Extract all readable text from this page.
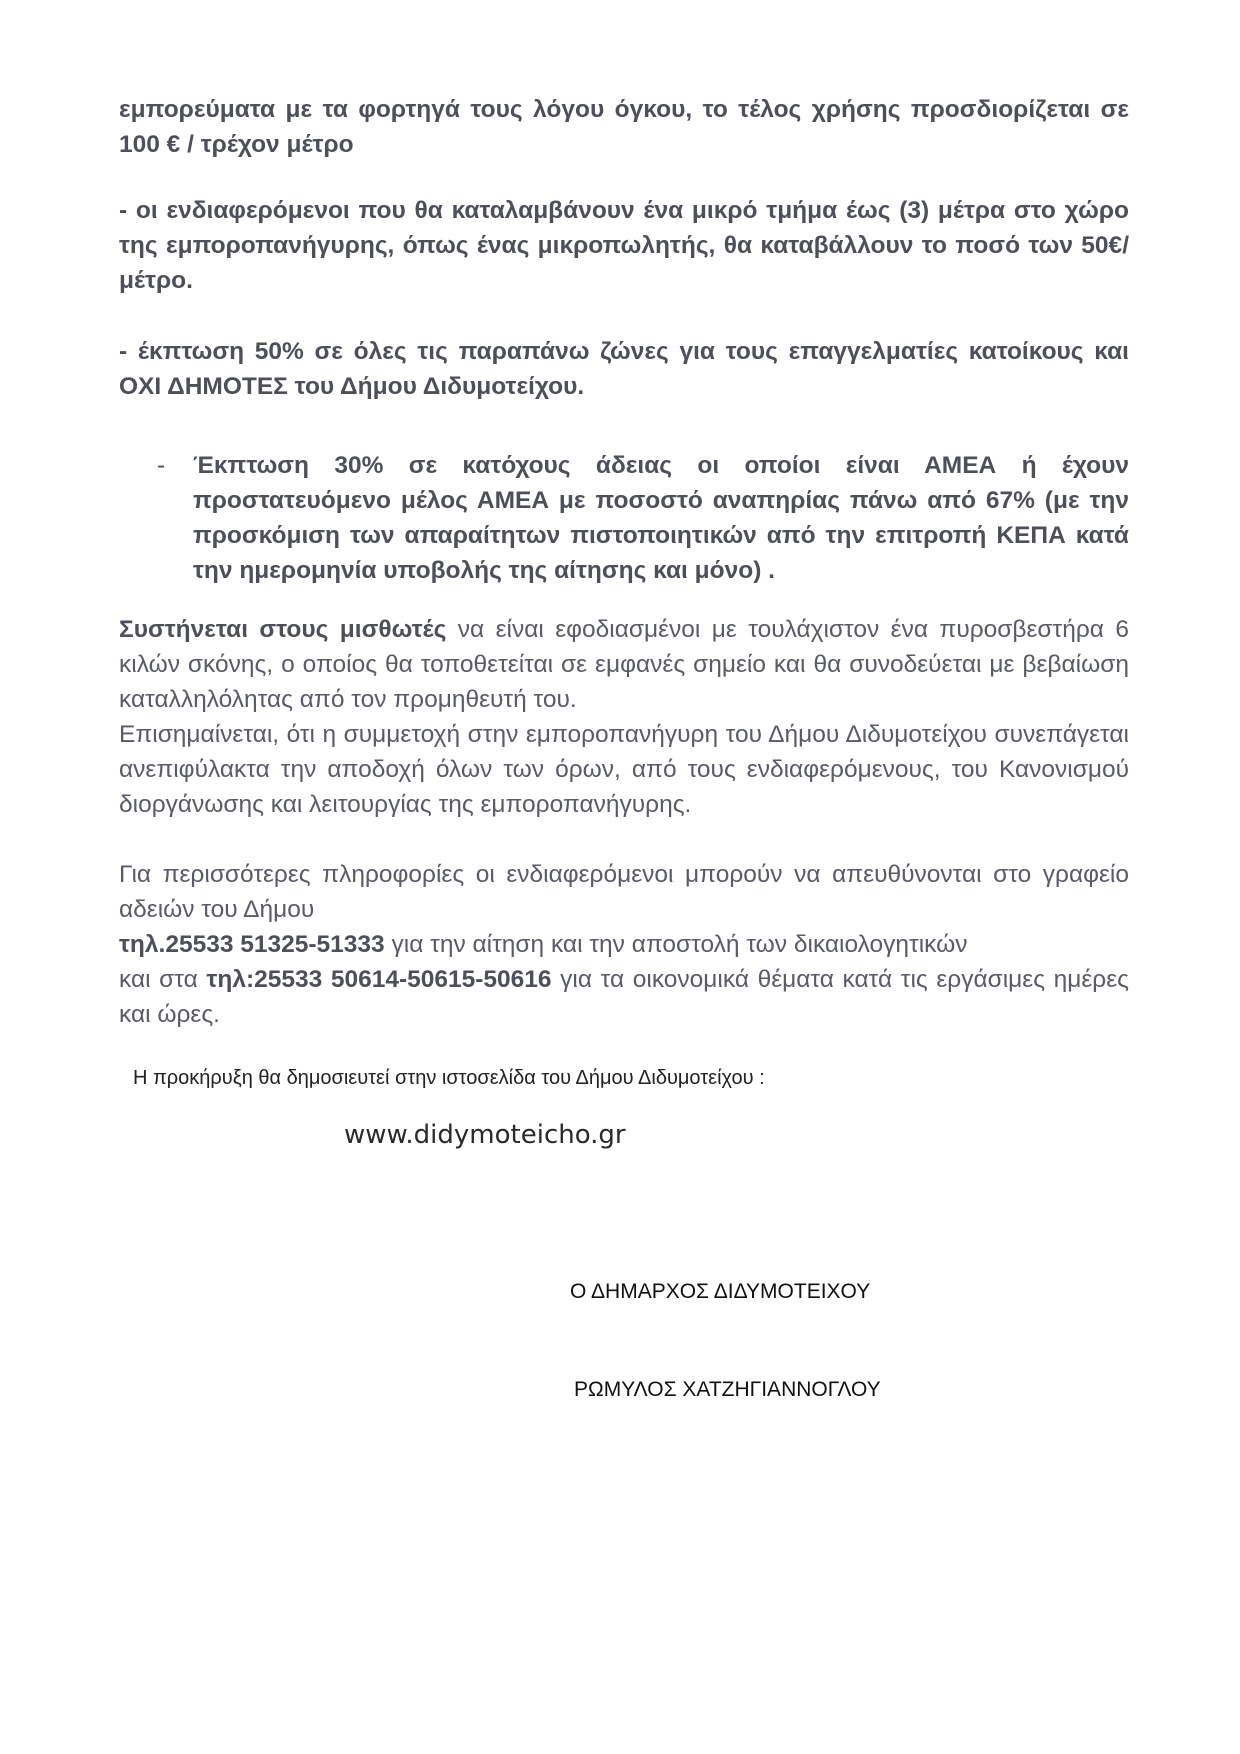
εμπορεύματα με τα φορτηγά τους λόγου όγκου, το τέλος χρήσης προσδιορίζεται σε 100 € / τρέχον μέτρο

- οι ενδιαφερόμενοι που θα καταλαμβάνουν ένα μικρό τμήμα έως (3) μέτρα στο χώρο της εμποροπανήγυρης, όπως ένας μικροπωλητής, θα καταβάλλουν το ποσό των 50€/μέτρο.

- έκπτωση 50% σε όλες τις παραπάνω ζώνες για τους επαγγελματίες κατοίκους και ΟΧΙ ΔΗΜΟΤΕΣ του Δήμου Διδυμοτείχου.

- Έκπτωση 30% σε κατόχους άδειας οι οποίοι είναι ΑΜΕΑ ή έχουν προστατευόμενο μέλος ΑΜΕΑ με ποσοστό αναπηρίας πάνω από 67% (με την προσκόμιση των απαραίτητων πιστοποιητικών από την επιτροπή ΚΕΠΑ κατά την ημερομηνία υποβολής της αίτησης και μόνο) .

Συστήνεται στους μισθωτές να είναι εφοδιασμένοι με τουλάχιστον ένα πυροσβεστήρα 6 κιλών σκόνης, ο οποίος θα τοποθετείται σε εμφανές σημείο και θα συνοδεύεται με βεβαίωση καταλληλόλητας από τον προμηθευτή του.

Επισημαίνεται, ότι η συμμετοχή στην εμποροπανήγυρη του Δήμου Διδυμοτείχου συνεπάγεται ανεπιφύλακτα την αποδοχή όλων των όρων, από τους ενδιαφερόμενους, του Κανονισμού διοργάνωσης και λειτουργίας της εμποροπανήγυρης.

Για περισσότερες πληροφορίες οι ενδιαφερόμενοι μπορούν να απευθύνονται στο γραφείο αδειών του Δήμου

τηλ.25533 51325-51333 για την αίτηση και την αποστολή των δικαιολογητικών
και στα τηλ:25533 50614-50615-50616 για τα οικονομικά θέματα κατά τις εργάσιμες ημέρες και ώρες.

Η προκήρυξη θα δημοσιευτεί στην ιστοσελίδα του Δήμου Διδυμοτείχου :

www.didymoteicho.gr

Ο ΔΗΜΑΡΧΟΣ ΔΙΔΥΜΟΤΕΙΧΟΥ

ΡΩΜΥΛΟΣ ΧΑΤΖΗΓΙΑΝΝΟΓΛΟΥ
